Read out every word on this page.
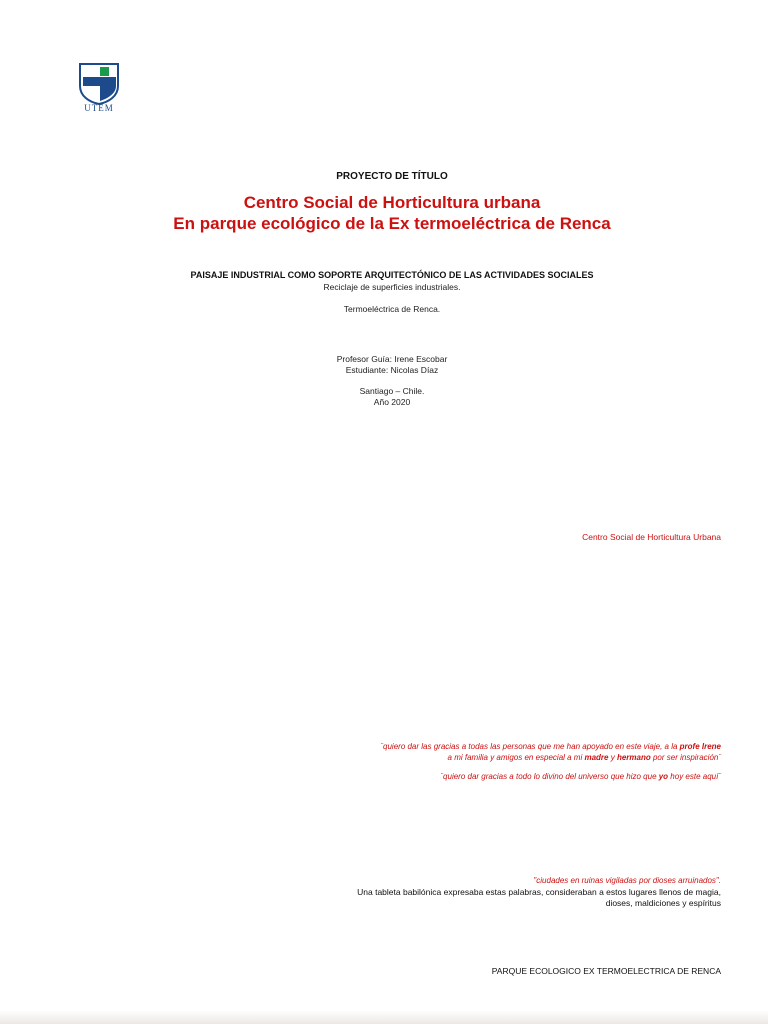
UTEM
PROYECTO DE TÍTULO
Centro Social de Horticultura urbana
En parque ecológico de la Ex termoeléctrica de Renca
PAISAJE INDUSTRIAL COMO SOPORTE ARQUITECTÓNICO DE LAS ACTIVIDADES SOCIALES
Reciclaje de superficies industriales.
Termoeléctrica de Renca.
Profesor Guía: Irene Escobar
Estudiante: Nicolas Díaz
Santiago – Chile.
Año 2020
Centro Social de Horticultura Urbana
¨quiero dar las gracias a todas las personas que me han apoyado en este viaje, a la profe Irene
a mi familia y amigos en especial a mi madre y hermano por ser inspiración¨
¨quiero dar gracias a todo lo divino del universo que hizo que yo hoy este aquí¨
"ciudades en ruinas vigiladas por dioses arruinados".
Una tableta babilónica expresaba estas palabras, consideraban a estos lugares llenos de magia,
dioses, maldiciones y espíritus
PARQUE ECOLOGICO EX TERMOELECTRICA DE RENCA
